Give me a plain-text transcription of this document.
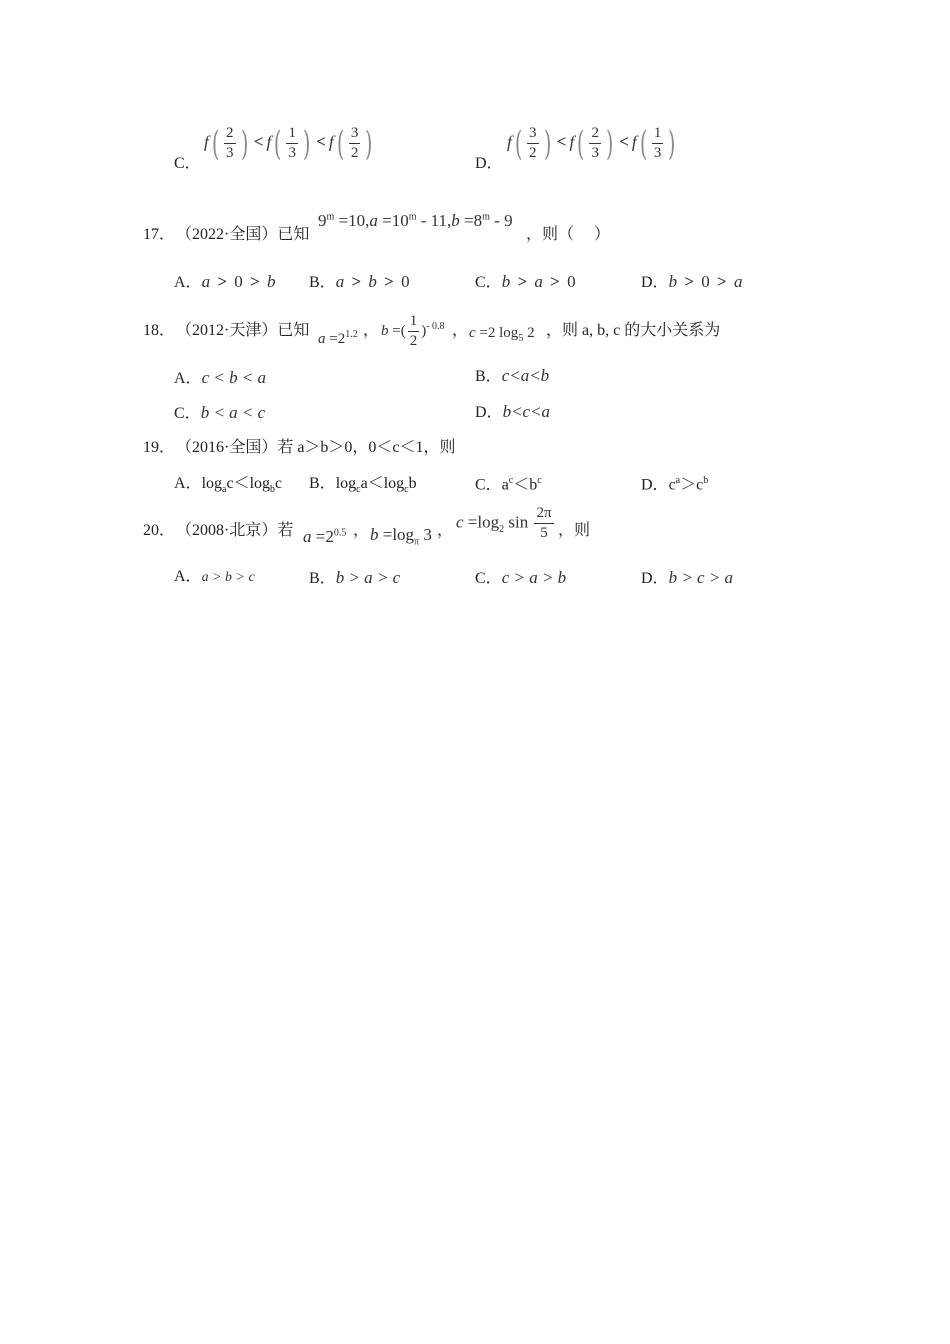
C．
$f( \frac{2}{3}$ ) < $f( \frac{1}{3}$ ) < $f( \frac{3}{2}$ )	D．
$f( \frac{3}{2}$ ) < $f( \frac{2}{3}$ ) < $f( \frac{1}{3}$ )
17． （2022·全国）已知
$9^m =10,a =10^m - 11,b =8^m - 9$
，则（　 ）
A．a > 0 > b B．a > b > 0	C．b > a > 0	D．b > 0 > a
18． （2012·天津）已知 $a =2^{1.2}$ ， b =( $\frac{1}{2} )^{- 0.8}$ ， c =2 $\log_5 2$ ，则 a, b, c 的大小关系为
A．c < b < a	B．c<a<b
C．b < a < c	D．b<c<a
19． （2016·全国）若 a＞b＞0，0＜c＜1，则
A．$\log_ac<\log_bc$ B．$\log_ca<\log_cb$	C．$a^c<b^c$	D．$c^a>c^b$
20． （2008·北京）若 $a =2^{0.5}$ ， $b =\log_\pi$ 3 ， $c =\log_2$ $\sin \frac{2\pi}{5}$ ，则
A．a > b > c	B．b > a > c	C．c > a > b	D．b > c > a
